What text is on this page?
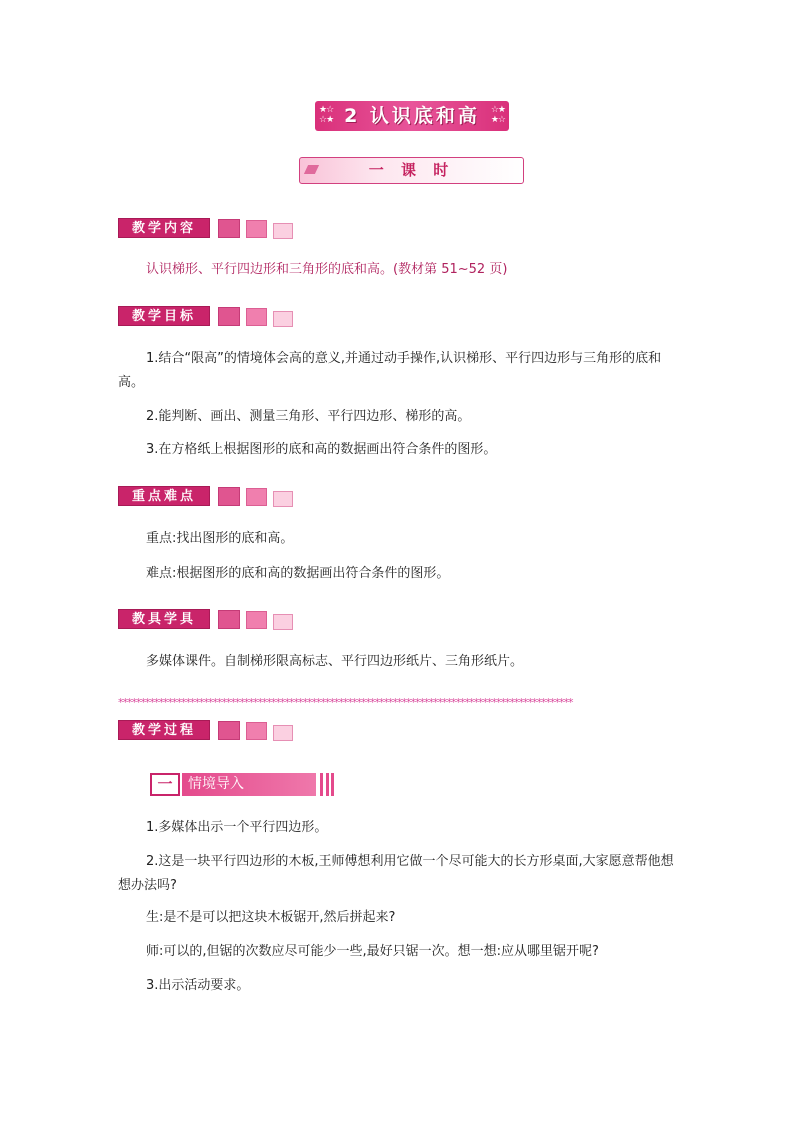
★☆
☆★ 2 认识底和高	☆★
★☆
一 课 时
教学内容
认识梯形、平行四边形和三角形的底和高。(教材第 51~52 页)
教学目标
1.结合“限高”的情境体会高的意义,并通过动手操作,认识梯形、平行四边形与三角形的底和高。
2.能判断、画出、测量三角形、平行四边形、梯形的高。
3.在方格纸上根据图形的底和高的数据画出符合条件的图形。
重点难点
重点:找出图形的底和高。
难点:根据图形的底和高的数据画出符合条件的图形。
教具学具
多媒体课件。自制梯形限高标志、平行四边形纸片、三角形纸片。
*****************************************************************************************************
教学过程
一	情境导入
1.多媒体出示一个平行四边形。
2.这是一块平行四边形的木板,王师傅想利用它做一个尽可能大的长方形桌面,大家愿意帮他想想办法吗?
生:是不是可以把这块木板锯开,然后拼起来?
师:可以的,但锯的次数应尽可能少一些,最好只锯一次。想一想:应从哪里锯开呢?
3.出示活动要求。
